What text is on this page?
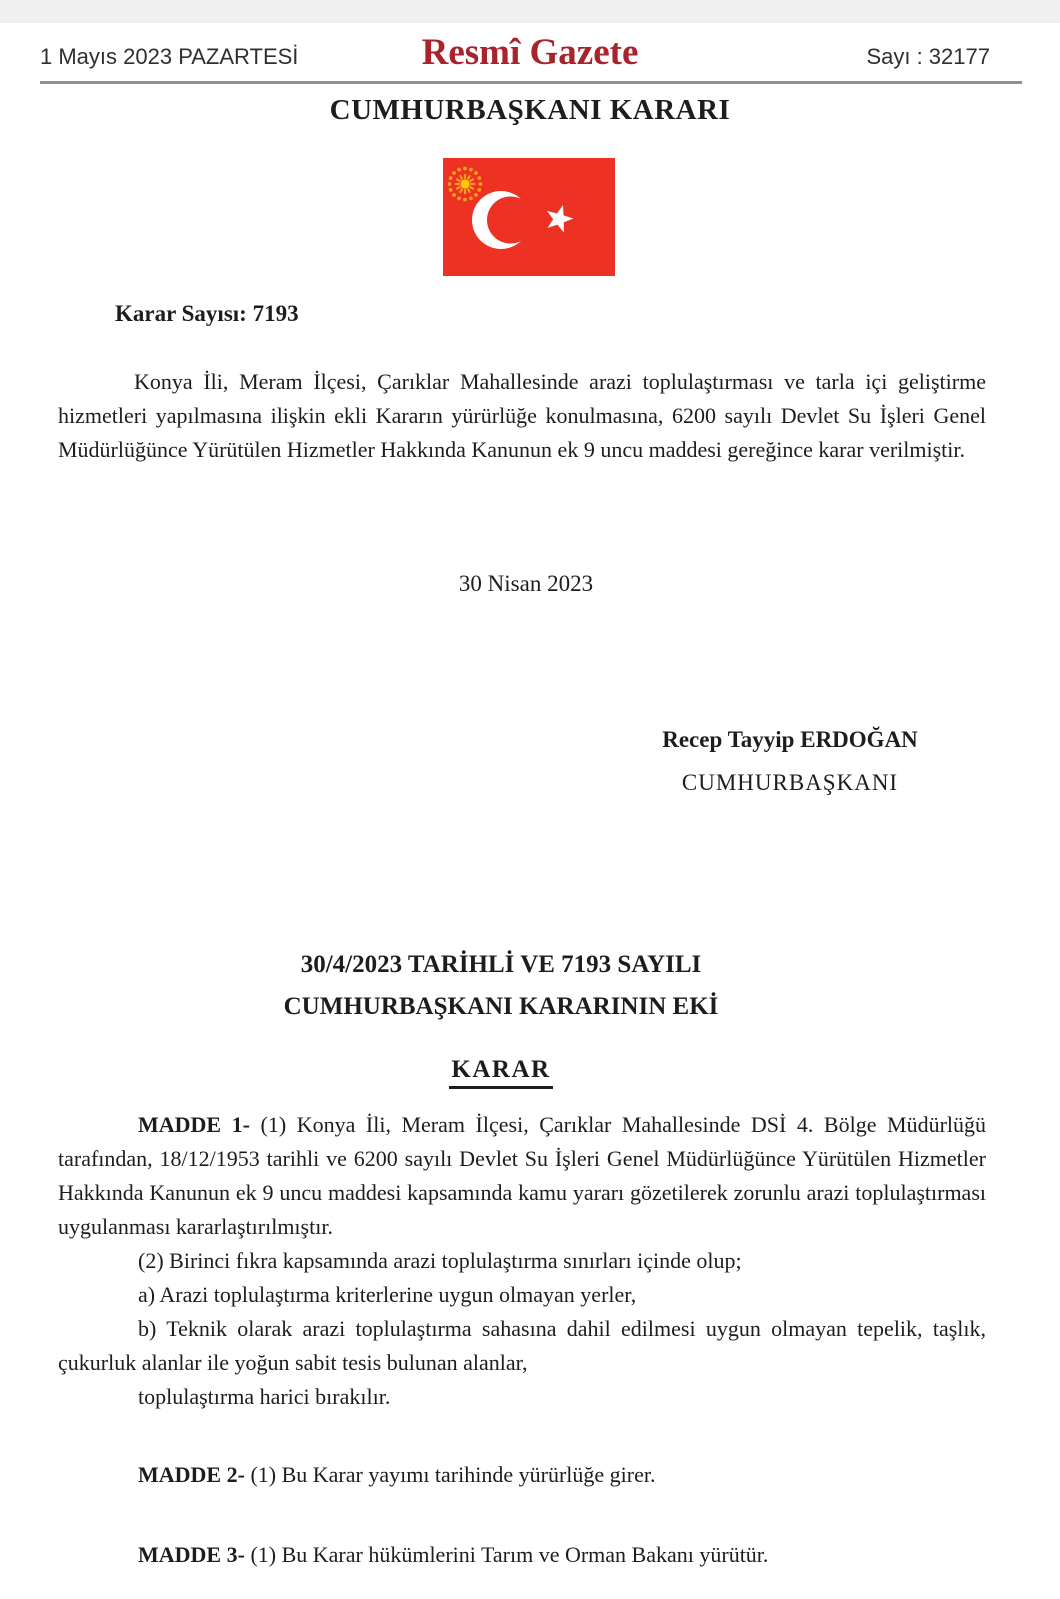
1 Mayıs 2023 PAZARTESİ	Resmî Gazete	Sayı : 32177
CUMHURBAŞKANI KARARI
Karar Sayısı: 7193

Konya İli, Meram İlçesi, Çarıklar Mahallesinde arazi toplulaştırması ve tarla içi geliştirme hizmetleri yapılmasına ilişkin ekli Kararın yürürlüğe konulmasına, 6200 sayılı Devlet Su İşleri Genel Müdürlüğünce Yürütülen Hizmetler Hakkında Kanunun ek 9 uncu maddesi gereğince karar verilmiştir.

30 Nisan 2023
Recep Tayyip ERDOĞAN
CUMHURBAŞKANI
30/4/2023 TARİHLİ VE 7193 SAYILI
CUMHURBAŞKANI KARARININ EKİ
KARAR

MADDE 1- (1) Konya İli, Meram İlçesi, Çarıklar Mahallesinde DSİ 4. Bölge Müdürlüğü tarafından, 18/12/1953 tarihli ve 6200 sayılı Devlet Su İşleri Genel Müdürlüğünce Yürütülen Hizmetler Hakkında Kanunun ek 9 uncu maddesi kapsamında kamu yararı gözetilerek zorunlu arazi toplulaştırması uygulanması kararlaştırılmıştır.

(2) Birinci fıkra kapsamında arazi toplulaştırma sınırları içinde olup;

a) Arazi toplulaştırma kriterlerine uygun olmayan yerler,

b) Teknik olarak arazi toplulaştırma sahasına dahil edilmesi uygun olmayan tepelik, taşlık, çukurluk alanlar ile yoğun sabit tesis bulunan alanlar,

toplulaştırma harici bırakılır.

MADDE 2- (1) Bu Karar yayımı tarihinde yürürlüğe girer.

MADDE 3- (1) Bu Karar hükümlerini Tarım ve Orman Bakanı yürütür.
